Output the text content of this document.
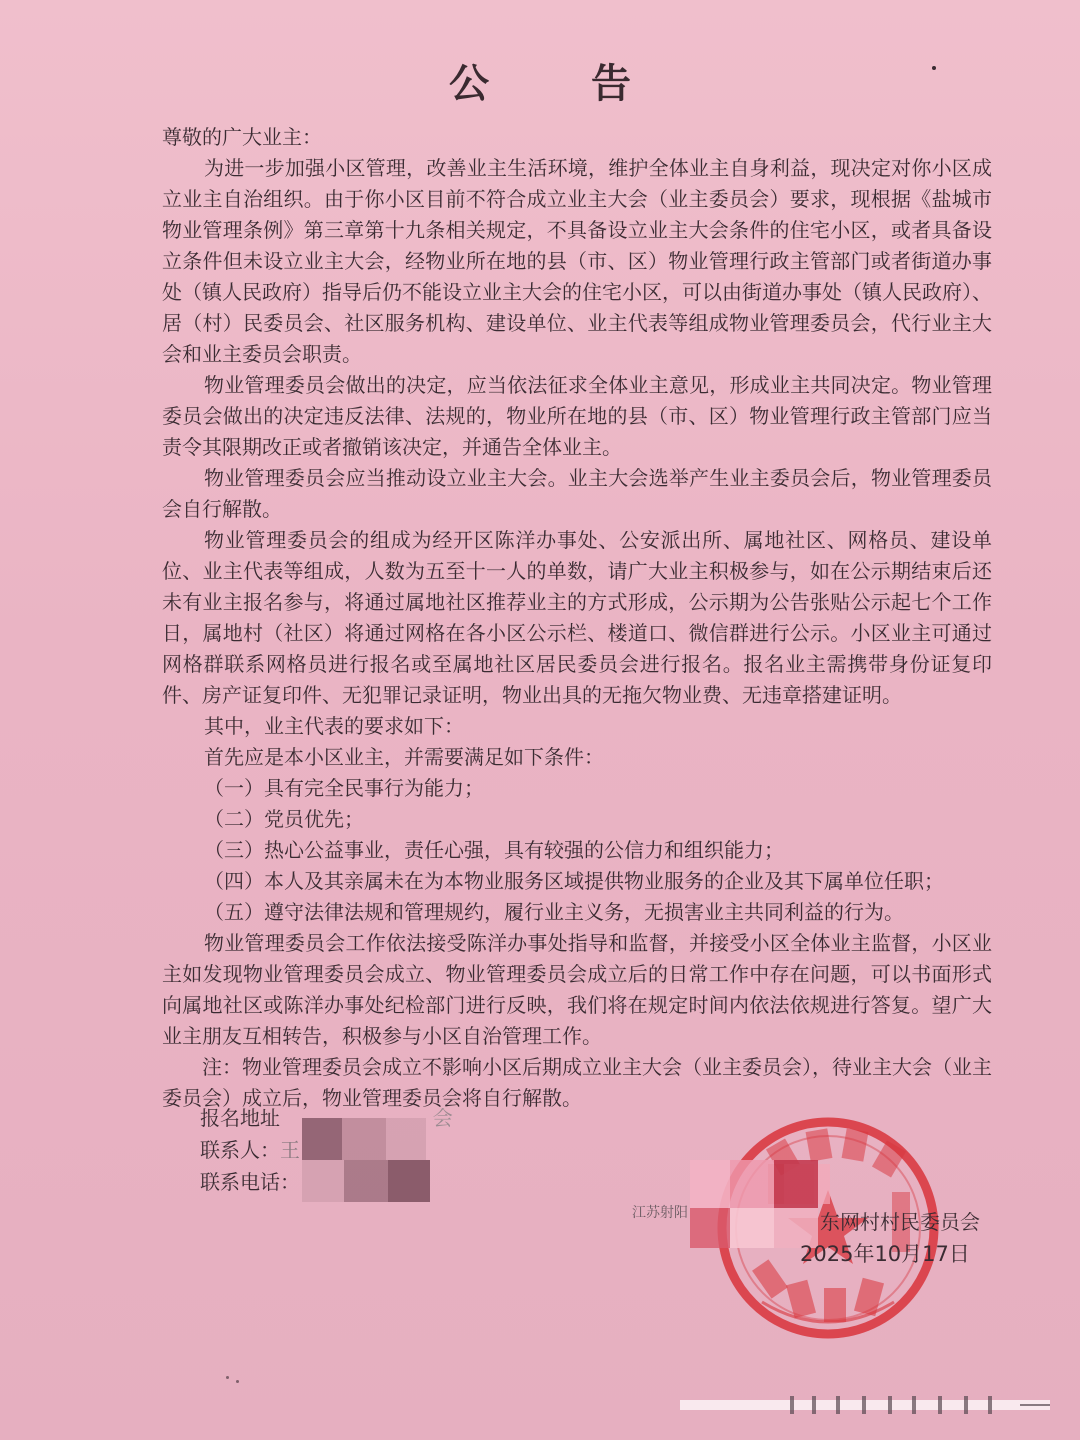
公 告

尊敬的广大业主：

为进一步加强小区管理，改善业主生活环境，维护全体业主自身利益，现决定对你小区成立业主自治组织。由于你小区目前不符合成立业主大会（业主委员会）要求，现根据《盐城市物业管理条例》第三章第十九条相关规定，不具备设立业主大会条件的住宅小区，或者具备设立条件但未设立业主大会，经物业所在地的县（市、区）物业管理行政主管部门或者街道办事处（镇人民政府）指导后仍不能设立业主大会的住宅小区，可以由街道办事处（镇人民政府）、居（村）民委员会、社区服务机构、建设单位、业主代表等组成物业管理委员会，代行业主大会和业主委员会职责。

物业管理委员会做出的决定，应当依法征求全体业主意见，形成业主共同决定。物业管理委员会做出的决定违反法律、法规的，物业所在地的县（市、区）物业管理行政主管部门应当责令其限期改正或者撤销该决定，并通告全体业主。

物业管理委员会应当推动设立业主大会。业主大会选举产生业主委员会后，物业管理委员会自行解散。

物业管理委员会的组成为经开区陈洋办事处、公安派出所、属地社区、网格员、建设单位、业主代表等组成，人数为五至十一人的单数，请广大业主积极参与，如在公示期结束后还未有业主报名参与，将通过属地社区推荐业主的方式形成，公示期为公告张贴公示起七个工作日，属地村（社区）将通过网格在各小区公示栏、楼道口、微信群进行公示。小区业主可通过网格群联系网格员进行报名或至属地社区居民委员会进行报名。报名业主需携带身份证复印件、房产证复印件、无犯罪记录证明，物业出具的无拖欠物业费、无违章搭建证明。

其中，业主代表的要求如下：

首先应是本小区业主，并需要满足如下条件：

（一）具有完全民事行为能力；

（二）党员优先；

（三）热心公益事业，责任心强，具有较强的公信力和组织能力；

（四）本人及其亲属未在为本物业服务区域提供物业服务的企业及其下属单位任职；

（五）遵守法律法规和管理规约，履行业主义务，无损害业主共同利益的行为。

物业管理委员会工作依法接受陈洋办事处指导和监督，并接受小区全体业主监督，小区业主如发现物业管理委员会成立、物业管理委员会成立后的日常工作中存在问题，可以书面形式向属地社区或陈洋办事处纪检部门进行反映，我们将在规定时间内依法依规进行答复。望广大业主朋友互相转告，积极参与小区自治管理工作。

注：物业管理委员会成立不影响小区后期成立业主大会（业主委员会），待业主大会（业主委员会）成立后，物业管理委员会将自行解散。

报名地址	会
联系人：王
联系电话：
江苏射阳	东网村村民委员会
2025年10月17日
